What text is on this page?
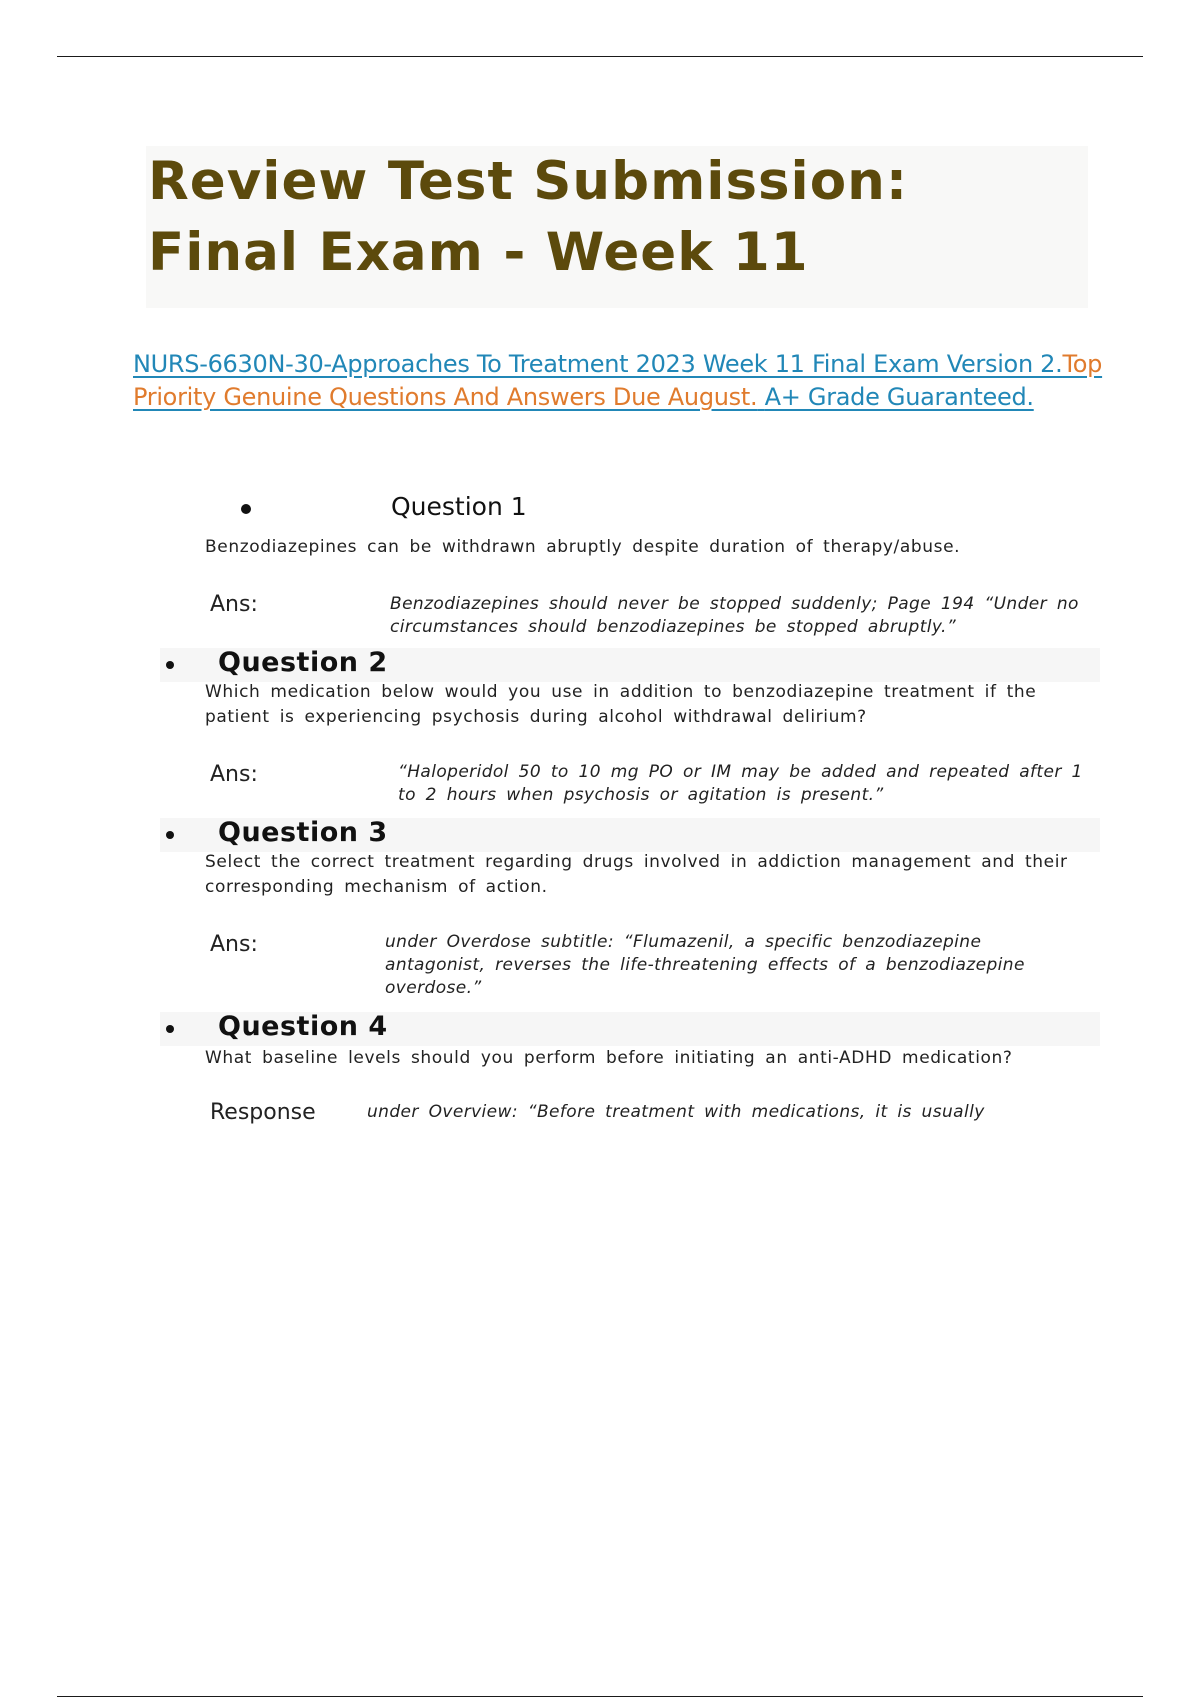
Review Test Submission:
Final Exam - Week 11
NURS-6630N-30-Approaches To Treatment 2023 Week 11 Final Exam Version 2.Top Priority Genuine Questions And Answers Due August. A+ Grade Guaranteed.
Question 1
Benzodiazepines can be withdrawn abruptly despite duration of therapy/abuse.
Ans:	Benzodiazepines should never be stopped suddenly; Page 194 “Under no circumstances should benzodiazepines be stopped abruptly.”
Question 2
Which medication below would you use in addition to benzodiazepine treatment if the patient is experiencing psychosis during alcohol withdrawal delirium?
Ans:	“Haloperidol 50 to 10 mg PO or IM may be added and repeated after 1 to 2 hours when psychosis or agitation is present.”
Question 3
Select the correct treatment regarding drugs involved in addiction management and their corresponding mechanism of action.
Ans:	under Overdose subtitle: “Flumazenil, a specific benzodiazepine antagonist, reverses the life-threatening effects of a benzodiazepine overdose.”
Question 4
What baseline levels should you perform before initiating an anti-ADHD medication?
Response	under Overview: “Before treatment with medications, it is usually
